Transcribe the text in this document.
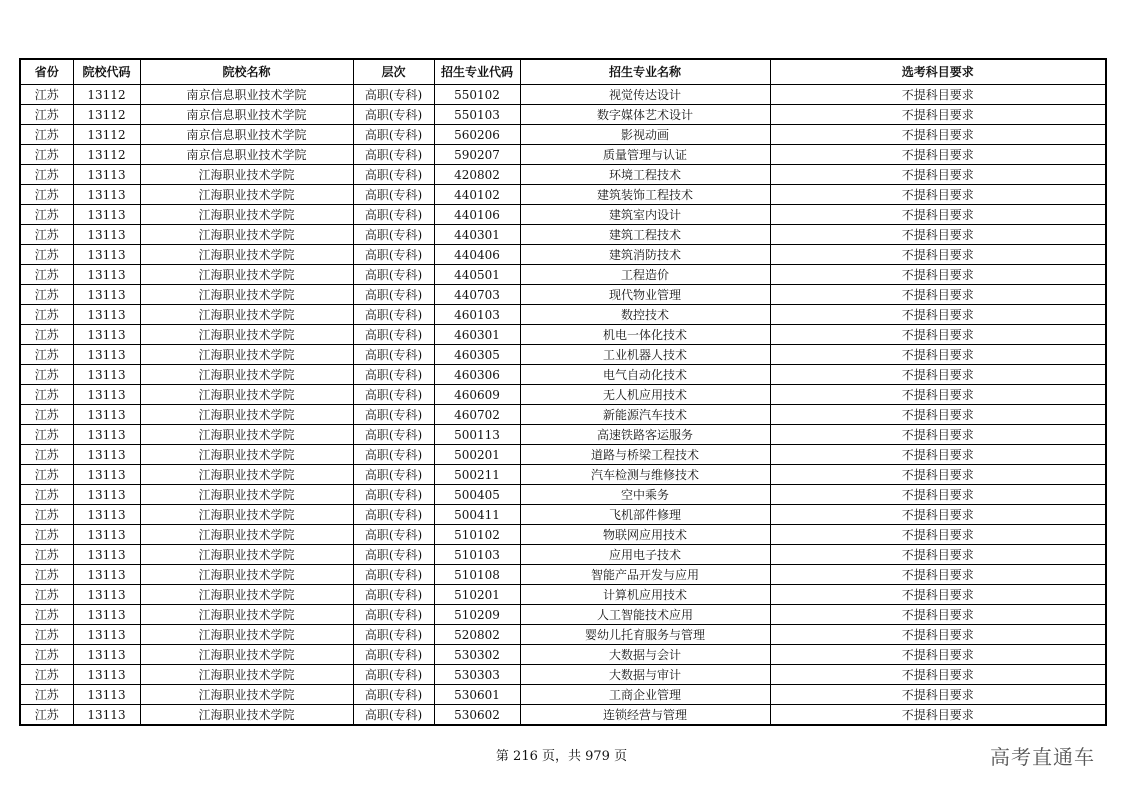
省份	院校代码	院校名称	层次	招生专业代码	招生专业名称	选考科目要求
江苏	13112	南京信息职业技术学院	高职(专科)	550102	视觉传达设计	不提科目要求
江苏	13112	南京信息职业技术学院	高职(专科)	550103	数字媒体艺术设计	不提科目要求
江苏	13112	南京信息职业技术学院	高职(专科)	560206	影视动画	不提科目要求
江苏	13112	南京信息职业技术学院	高职(专科)	590207	质量管理与认证	不提科目要求
江苏	13113	江海职业技术学院	高职(专科)	420802	环境工程技术	不提科目要求
江苏	13113	江海职业技术学院	高职(专科)	440102	建筑装饰工程技术	不提科目要求
江苏	13113	江海职业技术学院	高职(专科)	440106	建筑室内设计	不提科目要求
江苏	13113	江海职业技术学院	高职(专科)	440301	建筑工程技术	不提科目要求
江苏	13113	江海职业技术学院	高职(专科)	440406	建筑消防技术	不提科目要求
江苏	13113	江海职业技术学院	高职(专科)	440501	工程造价	不提科目要求
江苏	13113	江海职业技术学院	高职(专科)	440703	现代物业管理	不提科目要求
江苏	13113	江海职业技术学院	高职(专科)	460103	数控技术	不提科目要求
江苏	13113	江海职业技术学院	高职(专科)	460301	机电一体化技术	不提科目要求
江苏	13113	江海职业技术学院	高职(专科)	460305	工业机器人技术	不提科目要求
江苏	13113	江海职业技术学院	高职(专科)	460306	电气自动化技术	不提科目要求
江苏	13113	江海职业技术学院	高职(专科)	460609	无人机应用技术	不提科目要求
江苏	13113	江海职业技术学院	高职(专科)	460702	新能源汽车技术	不提科目要求
江苏	13113	江海职业技术学院	高职(专科)	500113	高速铁路客运服务	不提科目要求
江苏	13113	江海职业技术学院	高职(专科)	500201	道路与桥梁工程技术	不提科目要求
江苏	13113	江海职业技术学院	高职(专科)	500211	汽车检测与维修技术	不提科目要求
江苏	13113	江海职业技术学院	高职(专科)	500405	空中乘务	不提科目要求
江苏	13113	江海职业技术学院	高职(专科)	500411	飞机部件修理	不提科目要求
江苏	13113	江海职业技术学院	高职(专科)	510102	物联网应用技术	不提科目要求
江苏	13113	江海职业技术学院	高职(专科)	510103	应用电子技术	不提科目要求
江苏	13113	江海职业技术学院	高职(专科)	510108	智能产品开发与应用	不提科目要求
江苏	13113	江海职业技术学院	高职(专科)	510201	计算机应用技术	不提科目要求
江苏	13113	江海职业技术学院	高职(专科)	510209	人工智能技术应用	不提科目要求
江苏	13113	江海职业技术学院	高职(专科)	520802	婴幼儿托育服务与管理	不提科目要求
江苏	13113	江海职业技术学院	高职(专科)	530302	大数据与会计	不提科目要求
江苏	13113	江海职业技术学院	高职(专科)	530303	大数据与审计	不提科目要求
江苏	13113	江海职业技术学院	高职(专科)	530601	工商企业管理	不提科目要求
江苏	13113	江海职业技术学院	高职(专科)	530602	连锁经营与管理	不提科目要求
第 216 页，共 979 页	高考直通车
